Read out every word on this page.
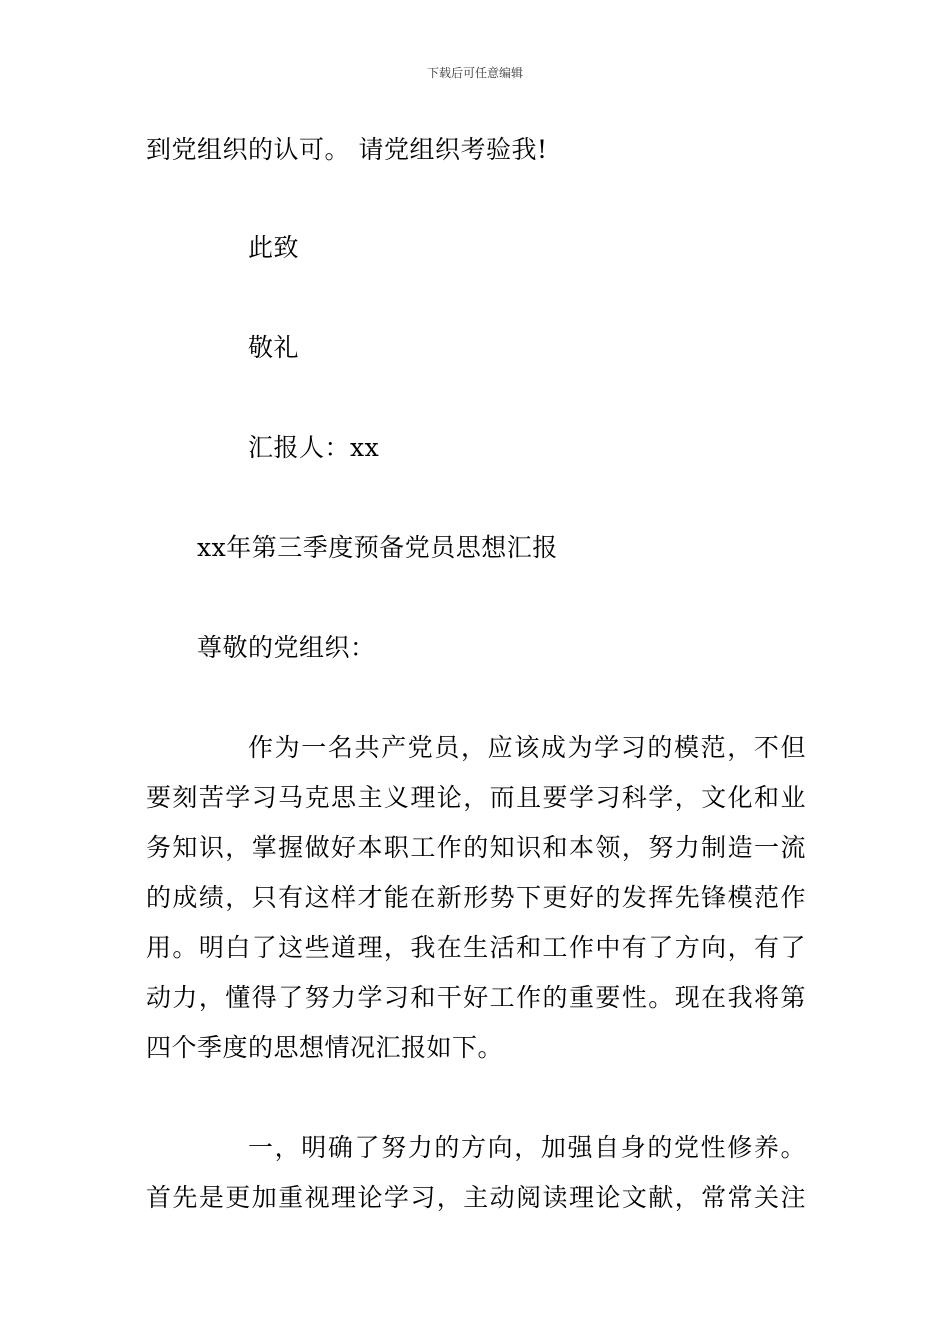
下载后可任意编辑
到党组织的认可。 请党组织考验我!
此致
敬礼
汇报人：xx
xx年第三季度预备党员思想汇报
尊敬的党组织：
作为一名共产党员，应该成为学习的模范，不但
要刻苦学习马克思主义理论，而且要学习科学，文化和业
务知识，掌握做好本职工作的知识和本领，努力制造一流
的成绩，只有这样才能在新形势下更好的发挥先锋模范作
用。明白了这些道理，我在生活和工作中有了方向，有了
动力，懂得了努力学习和干好工作的重要性。现在我将第
四个季度的思想情况汇报如下。
一，明确了努力的方向，加强自身的党性修养。
首先是更加重视理论学习，主动阅读理论文献，常常关注
